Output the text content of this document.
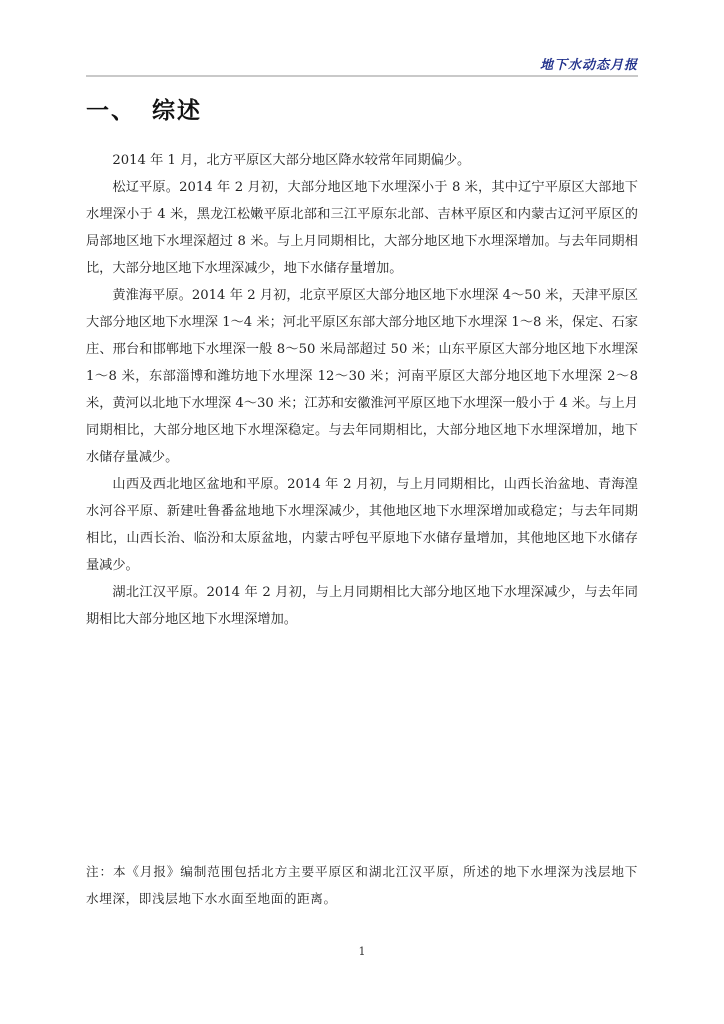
地下水动态月报
一、 综述

2014 年 1 月，北方平原区大部分地区降水较常年同期偏少。

松辽平原。2014 年 2 月初，大部分地区地下水埋深小于 8 米，其中辽宁平原区大部地下水埋深小于 4 米，黑龙江松嫩平原北部和三江平原东北部、吉林平原区和内蒙古辽河平原区的局部地区地下水埋深超过 8 米。与上月同期相比，大部分地区地下水埋深增加。与去年同期相比，大部分地区地下水埋深减少，地下水储存量增加。

黄淮海平原。2014 年 2 月初，北京平原区大部分地区地下水埋深 4～50 米，天津平原区大部分地区地下水埋深 1～4 米；河北平原区东部大部分地区地下水埋深 1～8 米，保定、石家庄、邢台和邯郸地下水埋深一般 8～50 米局部超过 50 米；山东平原区大部分地区地下水埋深 1～8 米，东部淄博和潍坊地下水埋深 12～30 米；河南平原区大部分地区地下水埋深 2～8 米，黄河以北地下水埋深 4～30 米；江苏和安徽淮河平原区地下水埋深一般小于 4 米。与上月同期相比，大部分地区地下水埋深稳定。与去年同期相比，大部分地区地下水埋深增加，地下水储存量减少。

山西及西北地区盆地和平原。2014 年 2 月初，与上月同期相比，山西长治盆地、青海湟水河谷平原、新建吐鲁番盆地地下水埋深减少，其他地区地下水埋深增加或稳定；与去年同期相比，山西长治、临汾和太原盆地，内蒙古呼包平原地下水储存量增加，其他地区地下水储存量减少。

湖北江汉平原。2014 年 2 月初，与上月同期相比大部分地区地下水埋深减少，与去年同期相比大部分地区地下水埋深增加。

注：本《月报》编制范围包括北方主要平原区和湖北江汉平原，所述的地下水埋深为浅层地下水埋深，即浅层地下水水面至地面的距离。

1
